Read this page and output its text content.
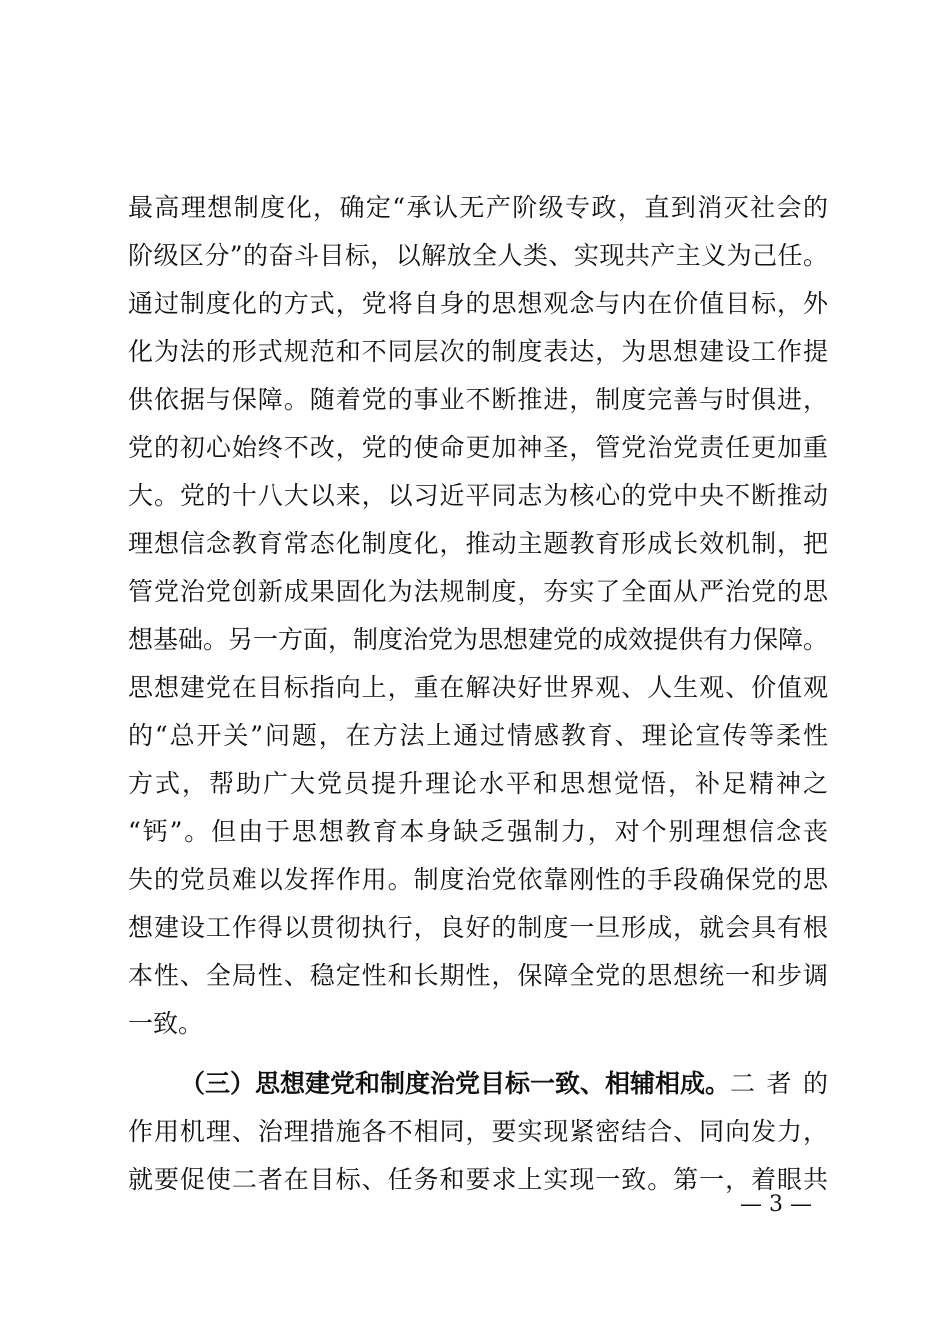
最高理想制度化，确定“承认无产阶级专政，直到消灭社会的
阶级区分”的奋斗目标，以解放全人类、实现共产主义为己任。
通过制度化的方式，党将自身的思想观念与内在价值目标，外
化为法的形式规范和不同层次的制度表达，为思想建设工作提
供依据与保障。随着党的事业不断推进，制度完善与时俱进，
党的初心始终不改，党的使命更加神圣，管党治党责任更加重
大。党的十八大以来，以习近平同志为核心的党中央不断推动
理想信念教育常态化制度化，推动主题教育形成长效机制，把
管党治党创新成果固化为法规制度，夯实了全面从严治党的思
想基础。另一方面，制度治党为思想建党的成效提供有力保障。
思想建党在目标指向上，重在解决好世界观、人生观、价值观
的“总开关”问题，在方法上通过情感教育、理论宣传等柔性
方式，帮助广大党员提升理论水平和思想觉悟，补足精神之
“钙”。但由于思想教育本身缺乏强制力，对个别理想信念丧
失的党员难以发挥作用。制度治党依靠刚性的手段确保党的思
想建设工作得以贯彻执行，良好的制度一旦形成，就会具有根
本性、全局性、稳定性和长期性，保障全党的思想统一和步调
一致。
（三）思想建党和制度治党目标一致、相辅相成。 二者的
作用机理、治理措施各不相同，要实现紧密结合、同向发力，
就要促使二者在目标、任务和要求上实现一致。第一，着眼共
— 3 —
